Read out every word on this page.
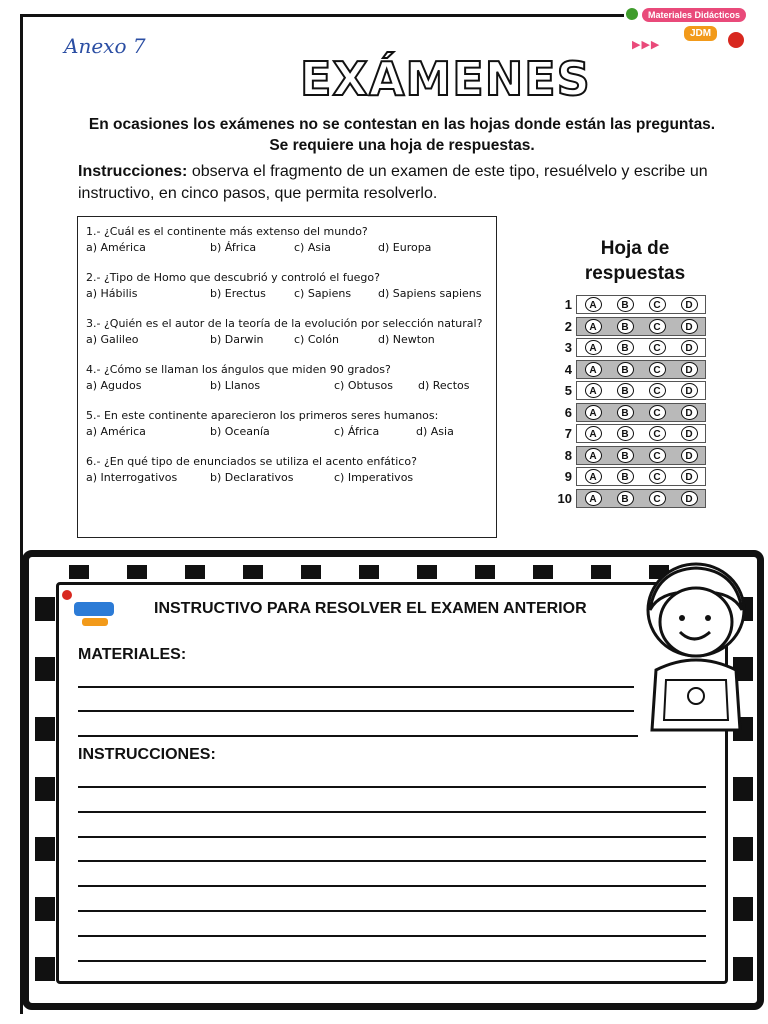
Materiales Didácticos
JDM
▶▶▶
Anexo 7
EXÁMENES
En ocasiones los exámenes no se contestan en las hojas donde están las preguntas. Se requiere una hoja de respuestas.
Instrucciones: observa el fragmento de un examen de este tipo, resuélvelo y escribe un instructivo, en cinco pasos, que permita resolverlo.
1.- ¿Cuál es el continente más extenso del mundo?
a) América	b) África	c) Asia	d) Europa
2.- ¿Tipo de Homo que descubrió y controló el fuego?
a) Hábilis	b) Erectus	c) Sapiens d) Sapiens sapiens
3.- ¿Quién es el autor de la teoría de la evolución por selección natural?
a) Galileo	b) Darwin	c) Colón	d) Newton
4.- ¿Cómo se llaman los ángulos que miden 90 grados?
a) Agudos	b) Llanos	c) Obtusos d) Rectos
5.- En este continente aparecieron los primeros seres humanos:
a) América	b) Oceanía	c) África	d) Asia
6.- ¿En qué tipo de enunciados se utiliza el acento enfático?
a) Interrogativos	b) Declarativos	c) Imperativos
Hoja de respuestas
1	A	B	C	D
2	A	B	C	D
3	A	B	C	D
4	A	B	C	D
5	A	B	C	D
6	A	B	C	D
7	A	B	C	D
8	A	B	C	D
9	A	B	C	D
10	A	B	C	D
INSTRUCTIVO PARA RESOLVER EL EXAMEN ANTERIOR
MATERIALES:
INSTRUCCIONES:
